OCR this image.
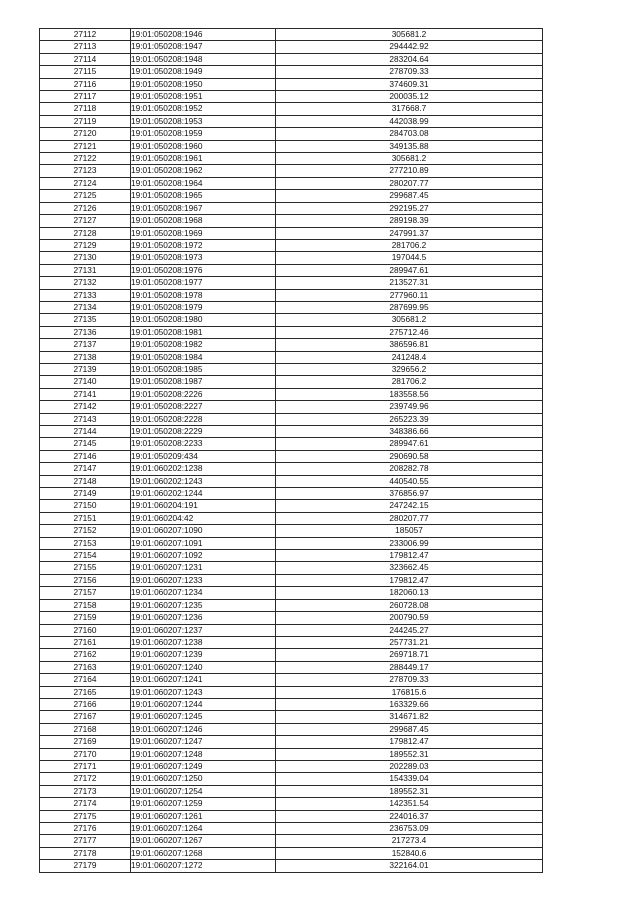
27112	19:01:050208:1946	305681.2
27113	19:01:050208:1947	294442.92
27114	19:01:050208:1948	283204.64
27115	19:01:050208:1949	278709.33
27116	19:01:050208:1950	374609.31
27117	19:01:050208:1951	200035.12
27118	19:01:050208:1952	317668.7
27119	19:01:050208:1953	442038.99
27120	19:01:050208:1959	284703.08
27121	19:01:050208:1960	349135.88
27122	19:01:050208:1961	305681.2
27123	19:01:050208:1962	277210.89
27124	19:01:050208:1964	280207.77
27125	19:01:050208:1965	299687.45
27126	19:01:050208:1967	292195.27
27127	19:01:050208:1968	289198.39
27128	19:01:050208:1969	247991.37
27129	19:01:050208:1972	281706.2
27130	19:01:050208:1973	197044.5
27131	19:01:050208:1976	289947.61
27132	19:01:050208:1977	213527.31
27133	19:01:050208:1978	277960.11
27134	19:01:050208:1979	287699.95
27135	19:01:050208:1980	305681.2
27136	19:01:050208:1981	275712.46
27137	19:01:050208:1982	386596.81
27138	19:01:050208:1984	241248.4
27139	19:01:050208:1985	329656.2
27140	19:01:050208:1987	281706.2
27141	19:01:050208:2226	183558.56
27142	19:01:050208:2227	239749.96
27143	19:01:050208:2228	265223.39
27144	19:01:050208:2229	348386.66
27145	19:01:050208:2233	289947.61
27146	19:01:050209:434	290690.58
27147	19:01:060202:1238	208282.78
27148	19:01:060202:1243	440540.55
27149	19:01:060202:1244	376856.97
27150	19:01:060204:191	247242.15
27151	19:01:060204:42	280207.77
27152	19:01:060207:1090	185057
27153	19:01:060207:1091	233006.99
27154	19:01:060207:1092	179812.47
27155	19:01:060207:1231	323662.45
27156	19:01:060207:1233	179812.47
27157	19:01:060207:1234	182060.13
27158	19:01:060207:1235	260728.08
27159	19:01:060207:1236	200790.59
27160	19:01:060207:1237	244245.27
27161	19:01:060207:1238	257731.21
27162	19:01:060207:1239	269718.71
27163	19:01:060207:1240	288449.17
27164	19:01:060207:1241	278709.33
27165	19:01:060207:1243	176815.6
27166	19:01:060207:1244	163329.66
27167	19:01:060207:1245	314671.82
27168	19:01:060207:1246	299687.45
27169	19:01:060207:1247	179812.47
27170	19:01:060207:1248	189552.31
27171	19:01:060207:1249	202289.03
27172	19:01:060207:1250	154339.04
27173	19:01:060207:1254	189552.31
27174	19:01:060207:1259	142351.54
27175	19:01:060207:1261	224016.37
27176	19:01:060207:1264	236753.09
27177	19:01:060207:1267	217273.4
27178	19:01:060207:1268	152840.6
27179	19:01:060207:1272	322164.01
